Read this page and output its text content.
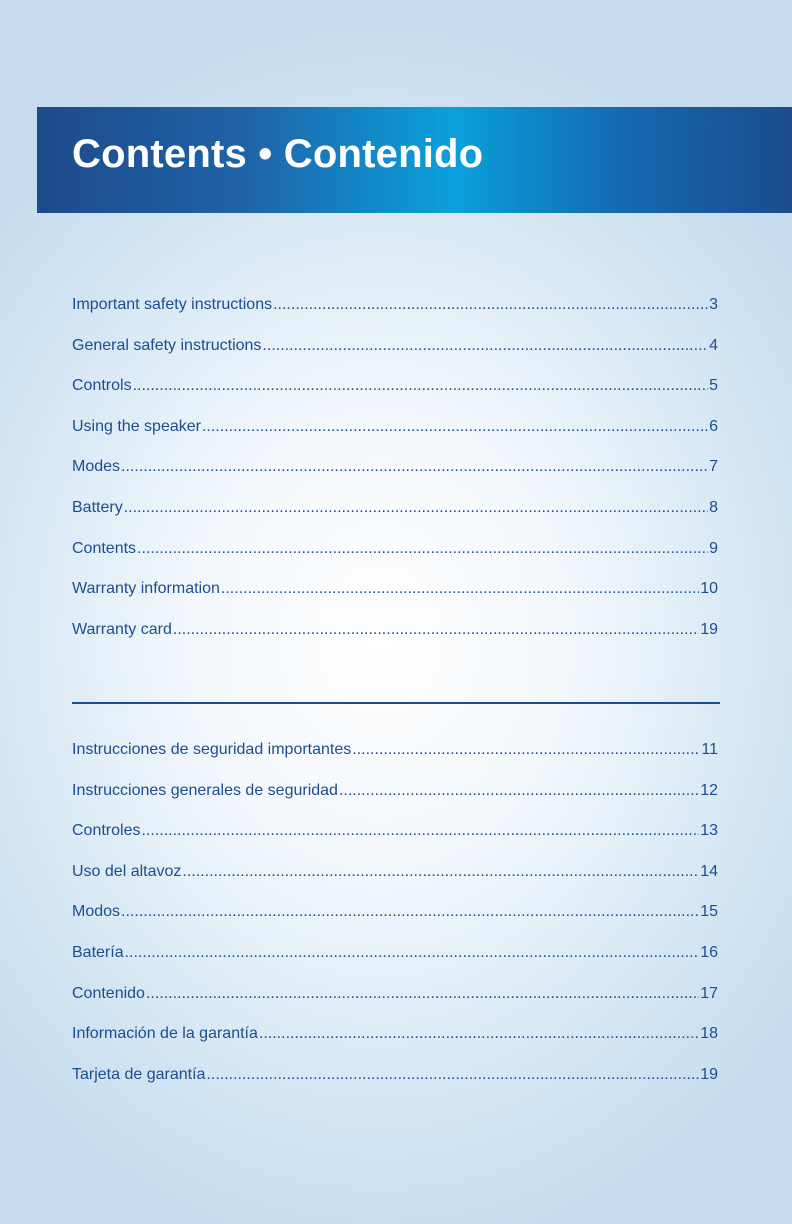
Contents • Contenido
Important safety instructions .....	3
General safety instructions .....	4
Controls .....	5
Using the speaker .....	6
Modes .....	7
Battery .....	8
Contents .....	9
Warranty information .....	10
Warranty card .....	19
Instrucciones de seguridad importantes .....	11
Instrucciones generales de seguridad .....	12
Controles .....	13
Uso del altavoz .....	14
Modos .....	15
Batería .....	16
Contenido .....	17
Información de la garantía .....	18
Tarjeta de garantía .....	19
